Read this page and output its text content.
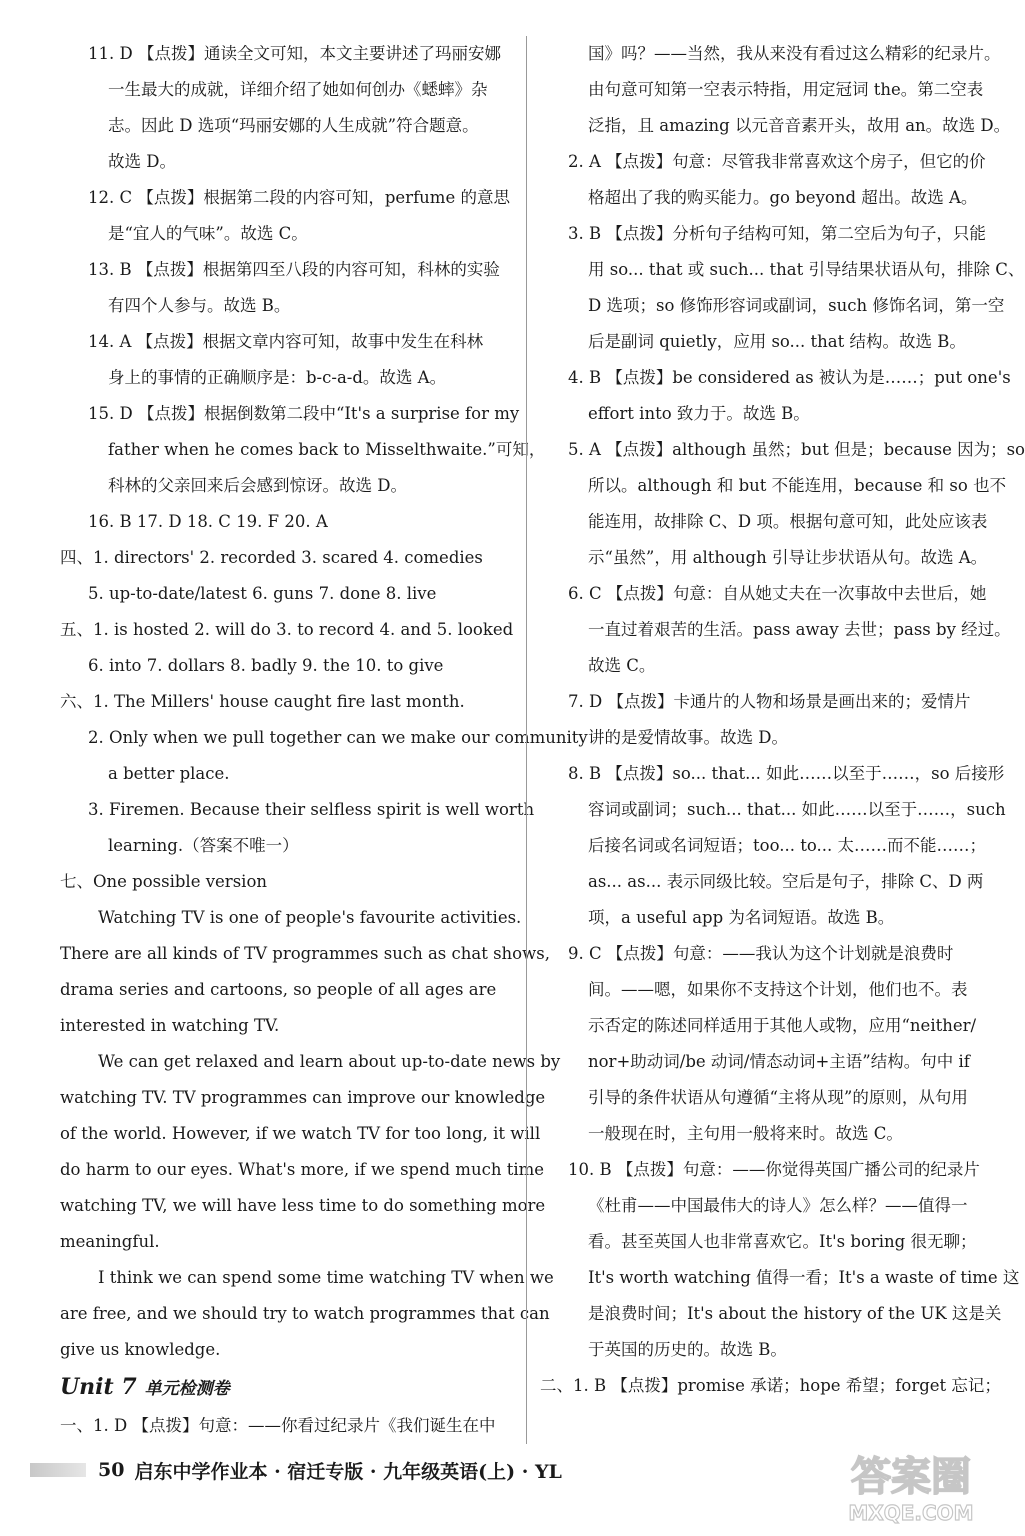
11. D 【点拨】通读全文可知，本文主要讲述了玛丽安娜
一生最大的成就，详细介绍了她如何创办《蟋蟀》杂
志。因此 D 选项“玛丽安娜的人生成就”符合题意。
故选 D。
12. C 【点拨】根据第二段的内容可知，perfume 的意思
是“宜人的气味”。故选 C。
13. B 【点拨】根据第四至八段的内容可知，科林的实验
有四个人参与。故选 B。
14. A 【点拨】根据文章内容可知，故事中发生在科林
身上的事情的正确顺序是：b-c-a-d。故选 A。
15. D 【点拨】根据倒数第二段中“It's a surprise for my
father when he comes back to Misselthwaite.”可知，
科林的父亲回来后会感到惊讶。故选 D。
16. B 17. D 18. C 19. F 20. A
四、1. directors' 2. recorded 3. scared 4. comedies
5. up-to-date/latest 6. guns 7. done 8. live
五、1. is hosted 2. will do 3. to record 4. and 5. looked
6. into 7. dollars 8. badly 9. the 10. to give
六、1. The Millers' house caught fire last month.
2. Only when we pull together can we make our community
a better place.
3. Firemen. Because their selfless spirit is well worth
learning.（答案不唯一）
七、One possible version
Watching TV is one of people's favourite activities.
There are all kinds of TV programmes such as chat shows,
drama series and cartoons, so people of all ages are
interested in watching TV.
We can get relaxed and learn about up-to-date news by
watching TV. TV programmes can improve our knowledge
of the world. However, if we watch TV for too long, it will
do harm to our eyes. What's more, if we spend much time
watching TV, we will have less time to do something more
meaningful.
I think we can spend some time watching TV when we
are free, and we should try to watch programmes that can
give us knowledge.
Unit 7 单元检测卷
一、1. D 【点拨】句意：——你看过纪录片《我们诞生在中
国》吗？——当然，我从来没有看过这么精彩的纪录片。
由句意可知第一空表示特指，用定冠词 the。第二空表
泛指，且 amazing 以元音音素开头，故用 an。故选 D。
2. A 【点拨】句意：尽管我非常喜欢这个房子，但它的价
格超出了我的购买能力。go beyond 超出。故选 A。
3. B 【点拨】分析句子结构可知，第二空后为句子，只能
用 so... that 或 such... that 引导结果状语从句，排除 C、
D 选项；so 修饰形容词或副词，such 修饰名词，第一空
后是副词 quietly，应用 so... that 结构。故选 B。
4. B 【点拨】be considered as 被认为是……；put one's
effort into 致力于。故选 B。
5. A 【点拨】although 虽然；but 但是；because 因为；so
所以。although 和 but 不能连用，because 和 so 也不
能连用，故排除 C、D 项。根据句意可知，此处应该表
示“虽然”，用 although 引导让步状语从句。故选 A。
6. C 【点拨】句意：自从她丈夫在一次事故中去世后，她
一直过着艰苦的生活。pass away 去世；pass by 经过。
故选 C。
7. D 【点拨】卡通片的人物和场景是画出来的；爱情片
讲的是爱情故事。故选 D。
8. B 【点拨】so... that... 如此……以至于……，so 后接形
容词或副词；such... that... 如此……以至于……，such
后接名词或名词短语；too... to... 太……而不能……；
as... as... 表示同级比较。空后是句子，排除 C、D 两
项，a useful app 为名词短语。故选 B。
9. C 【点拨】句意：——我认为这个计划就是浪费时
间。——嗯，如果你不支持这个计划，他们也不。表
示否定的陈述同样适用于其他人或物，应用“neither/
nor+助动词/be 动词/情态动词+主语”结构。句中 if
引导的条件状语从句遵循“主将从现”的原则，从句用
一般现在时，主句用一般将来时。故选 C。
10. B 【点拨】句意：——你觉得英国广播公司的纪录片
《杜甫——中国最伟大的诗人》怎么样？——值得一
看。甚至英国人也非常喜欢它。It's boring 很无聊；
It's worth watching 值得一看；It's a waste of time 这
是浪费时间；It's about the history of the UK 这是关
于英国的历史的。故选 B。
二、1. B 【点拨】promise 承诺；hope 希望；forget 忘记；
50 启东中学作业本 · 宿迁专版 · 九年级英语(上) · YL	答案圈
MXQE.COM
